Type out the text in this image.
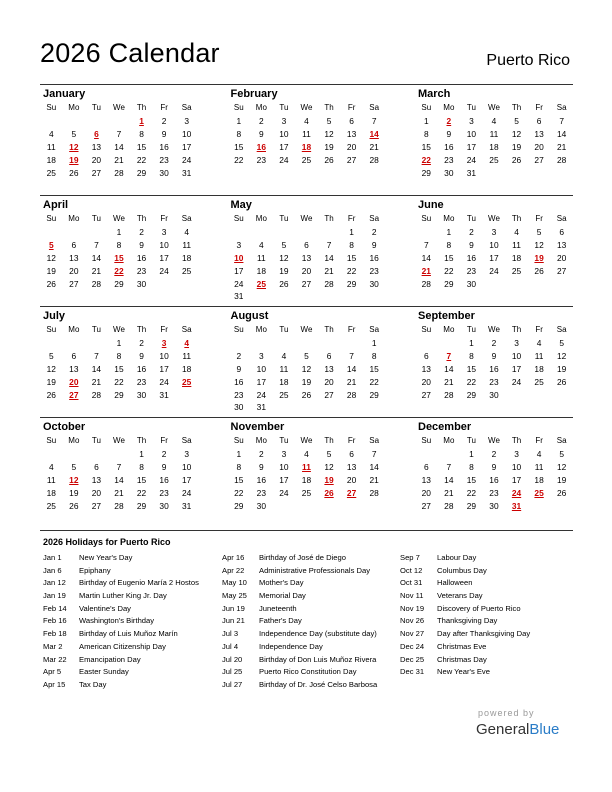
2026 Calendar	Puerto Rico
January
Su	Mo	Tu	We	Th	Fr	Sa
				1	2	3
4	5	6	7	8	9	10
11	12	13	14	15	16	17
18	19	20	21	22	23	24
25	26	27	28	29	30	31
February
Su	Mo	Tu	We	Th	Fr	Sa
1	2	3	4	5	6	7
8	9	10	11	12	13	14
15	16	17	18	19	20	21
22	23	24	25	26	27	28
March
Su	Mo	Tu	We	Th	Fr	Sa
1	2	3	4	5	6	7
8	9	10	11	12	13	14
15	16	17	18	19	20	21
22	23	24	25	26	27	28
29	30	31				
April
Su	Mo	Tu	We	Th	Fr	Sa
			1	2	3	4
5	6	7	8	9	10	11
12	13	14	15	16	17	18
19	20	21	22	23	24	25
26	27	28	29	30		
May
Su	Mo	Tu	We	Th	Fr	Sa
					1	2
3	4	5	6	7	8	9
10	11	12	13	14	15	16
17	18	19	20	21	22	23
24	25	26	27	28	29	30
31						
June
Su	Mo	Tu	We	Th	Fr	Sa
	1	2	3	4	5	6
7	8	9	10	11	12	13
14	15	16	17	18	19	20
21	22	23	24	25	26	27
28	29	30				
July
Su	Mo	Tu	We	Th	Fr	Sa
			1	2	3	4
5	6	7	8	9	10	11
12	13	14	15	16	17	18
19	20	21	22	23	24	25
26	27	28	29	30	31	
August
Su	Mo	Tu	We	Th	Fr	Sa
						1
2	3	4	5	6	7	8
9	10	11	12	13	14	15
16	17	18	19	20	21	22
23	24	25	26	27	28	29
30	31					
September
Su	Mo	Tu	We	Th	Fr	Sa
		1	2	3	4	5
6	7	8	9	10	11	12
13	14	15	16	17	18	19
20	21	22	23	24	25	26
27	28	29	30			
October
Su	Mo	Tu	We	Th	Fr	Sa
				1	2	3
4	5	6	7	8	9	10
11	12	13	14	15	16	17
18	19	20	21	22	23	24
25	26	27	28	29	30	31
November
Su	Mo	Tu	We	Th	Fr	Sa
1	2	3	4	5	6	7
8	9	10	11	12	13	14
15	16	17	18	19	20	21
22	23	24	25	26	27	28
29	30					
December
Su	Mo	Tu	We	Th	Fr	Sa
		1	2	3	4	5
6	7	8	9	10	11	12
13	14	15	16	17	18	19
20	21	22	23	24	25	26
27	28	29	30	31		
2026 Holidays for Puerto Rico
Jan 1 New Year's Day
Jan 6 Epiphany
Jan 12 Birthday of Eugenio María 2 Hostos
Jan 19 Martin Luther King Jr. Day
Feb 14 Valentine's Day
Feb 16 Washington's Birthday
Feb 18 Birthday of Luis Muñoz Marín
Mar 2 American Citizenship Day
Mar 22 Emancipation Day
Apr 5 Easter Sunday
Apr 15 Tax Day
Apr 16 Birthday of José de Diego
Apr 22 Administrative Professionals Day
May 10 Mother's Day
May 25 Memorial Day
Jun 19 Juneteenth
Jun 21 Father's Day
Jul 3	Independence Day (substitute day)
Jul 4	Independence Day
Jul 20 Birthday of Don Luis Muñoz Rivera
Jul 25 Puerto Rico Constitution Day
Jul 27 Birthday of Dr. José Celso Barbosa
Sep 7 Labour Day
Oct 12 Columbus Day
Oct 31 Halloween
Nov 11 Veterans Day
Nov 19 Discovery of Puerto Rico
Nov 26 Thanksgiving Day
Nov 27 Day after Thanksgiving Day
Dec 24 Christmas Eve
Dec 25 Christmas Day
Dec 31 New Year's Eve
powered by
GeneralBlue
